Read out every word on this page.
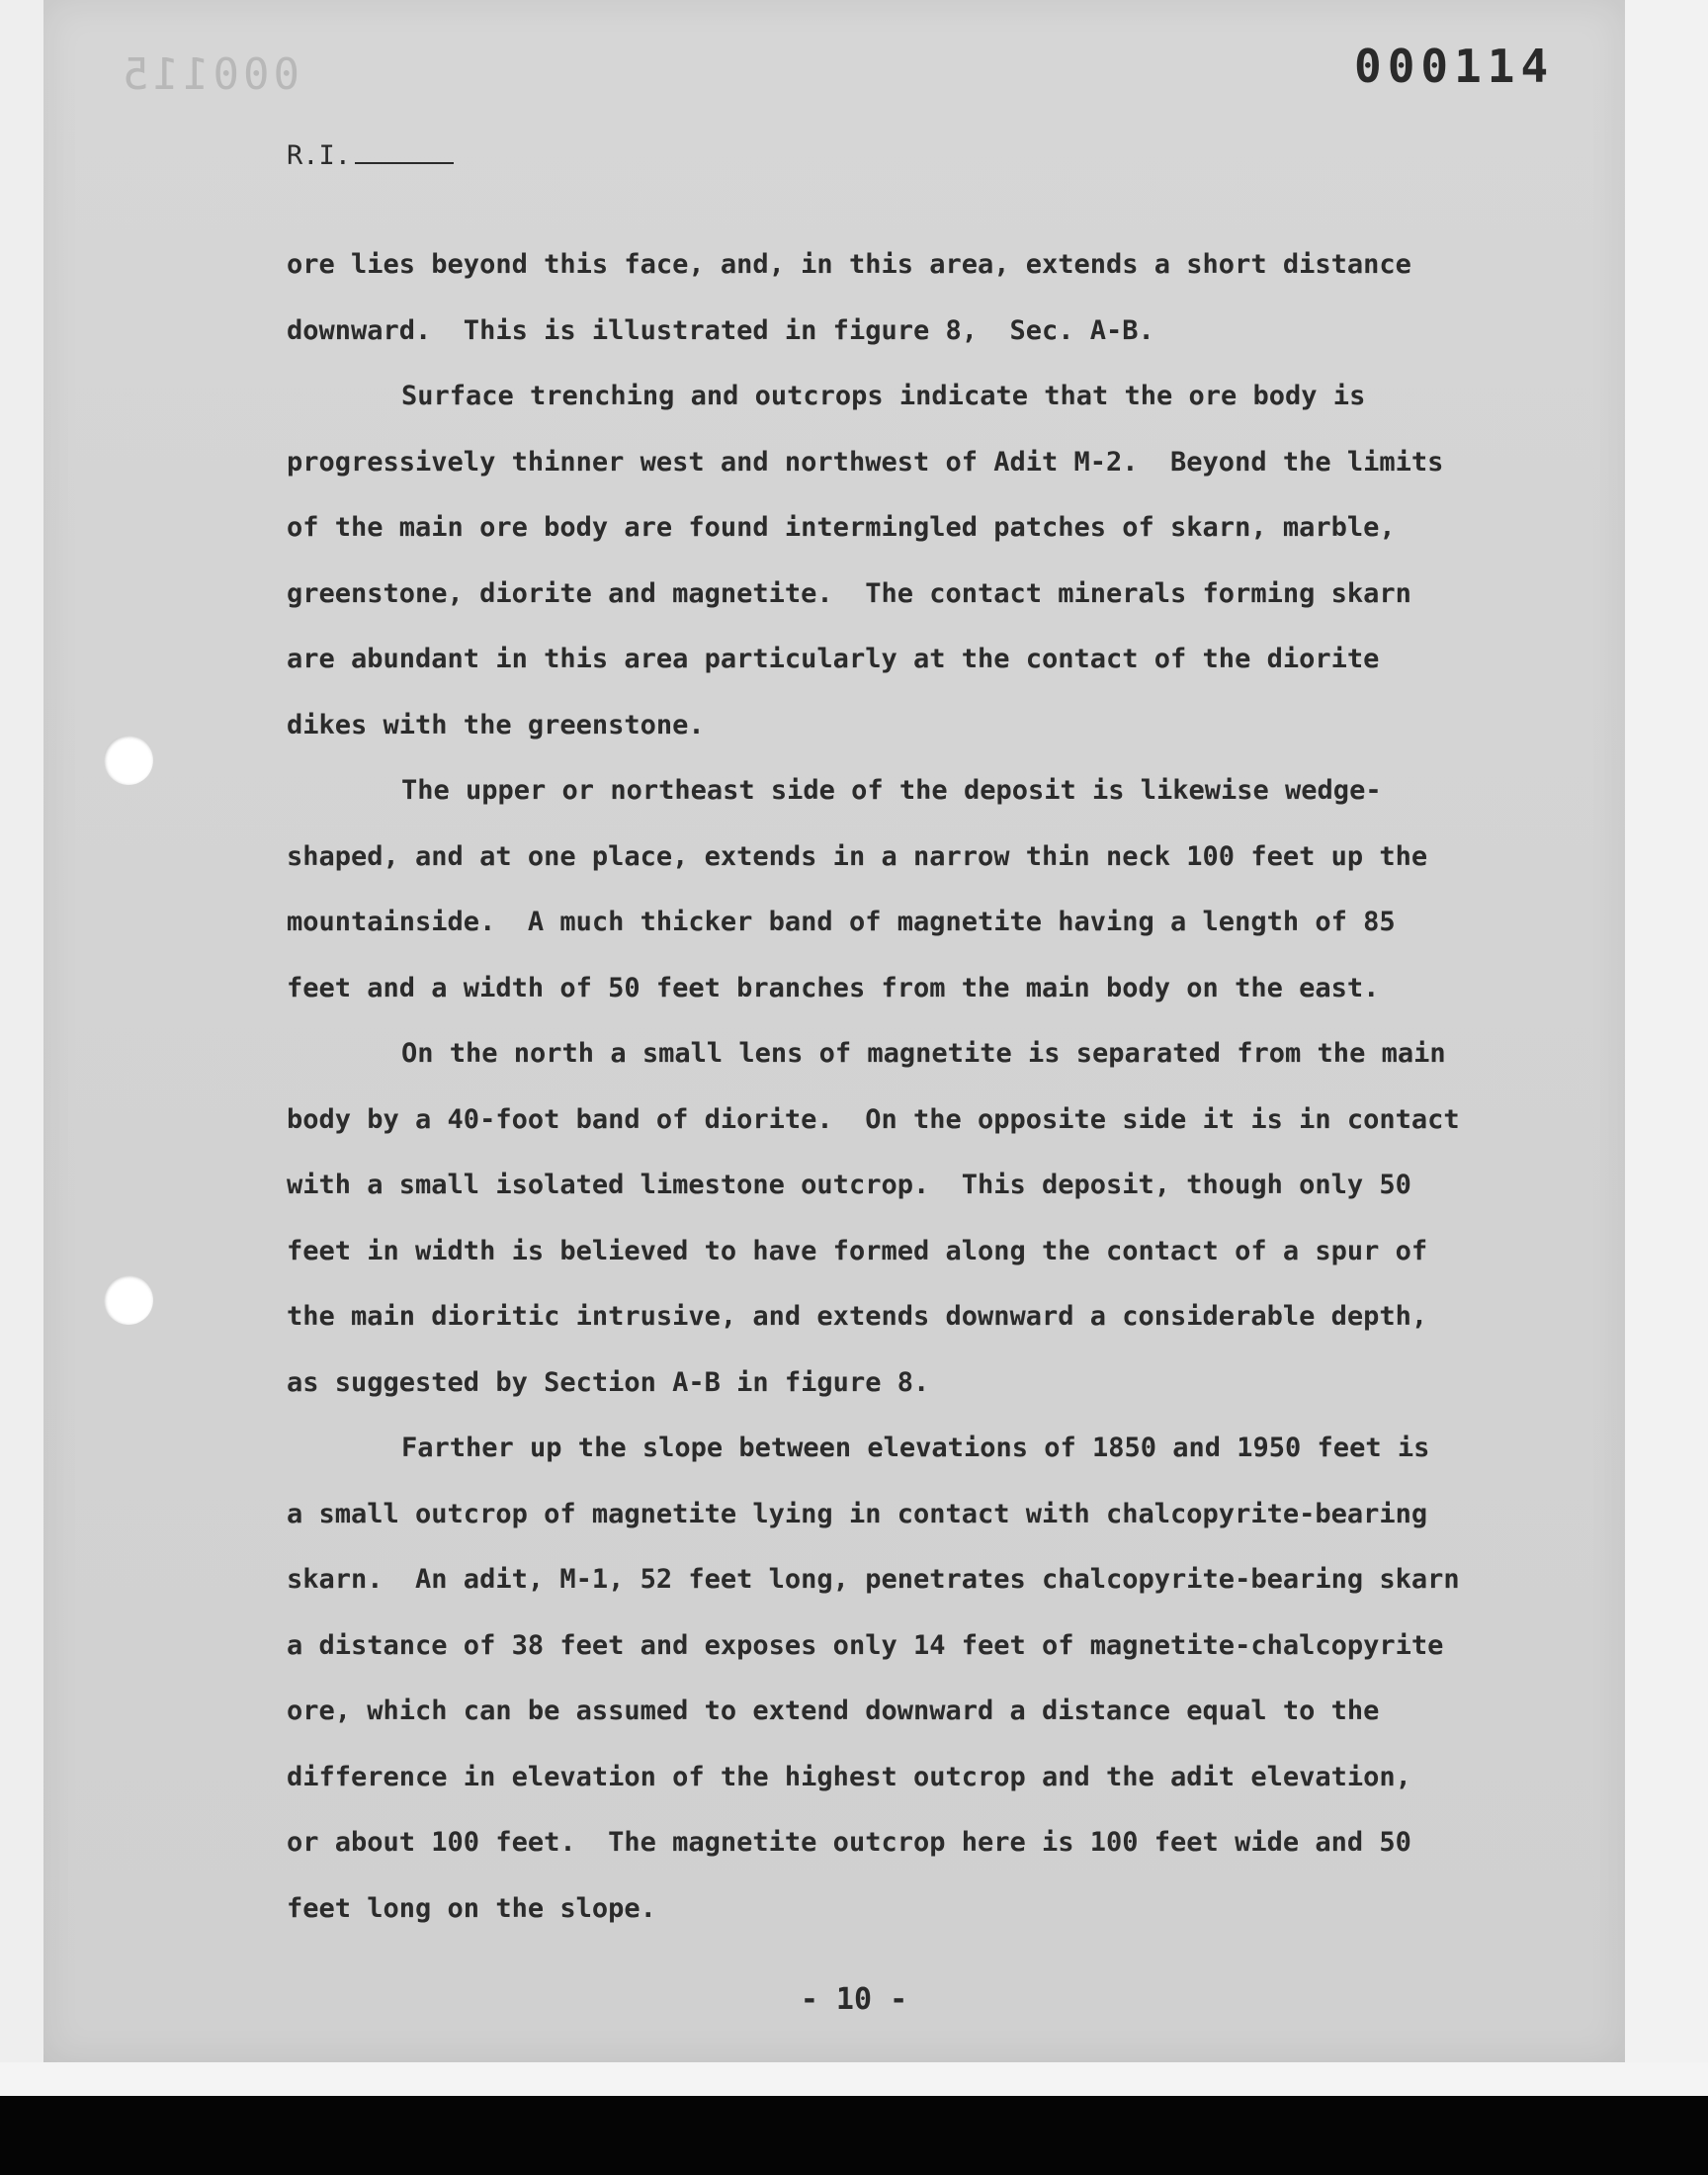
000115	000114
R.I.
ore lies beyond this face, and, in this area, extends a short distance
downward.  This is illustrated in figure 8,  Sec. A-B.
Surface trenching and outcrops indicate that the ore body is
progressively thinner west and northwest of Adit M-2.  Beyond the limits
of the main ore body are found intermingled patches of skarn, marble,
greenstone, diorite and magnetite.  The contact minerals forming skarn
are abundant in this area particularly at the contact of the diorite
dikes with the greenstone.
The upper or northeast side of the deposit is likewise wedge-
shaped, and at one place, extends in a narrow thin neck 100 feet up the
mountainside.  A much thicker band of magnetite having a length of 85
feet and a width of 50 feet branches from the main body on the east.
On the north a small lens of magnetite is separated from the main
body by a 40-foot band of diorite.  On the opposite side it is in contact
with a small isolated limestone outcrop.  This deposit, though only 50
feet in width is believed to have formed along the contact of a spur of
the main dioritic intrusive, and extends downward a considerable depth,
as suggested by Section A-B in figure 8.
Farther up the slope between elevations of 1850 and 1950 feet is
a small outcrop of magnetite lying in contact with chalcopyrite-bearing
skarn.  An adit, M-1, 52 feet long, penetrates chalcopyrite-bearing skarn
a distance of 38 feet and exposes only 14 feet of magnetite-chalcopyrite
ore, which can be assumed to extend downward a distance equal to the
difference in elevation of the highest outcrop and the adit elevation,
or about 100 feet.  The magnetite outcrop here is 100 feet wide and 50
feet long on the slope.
- 10 -
